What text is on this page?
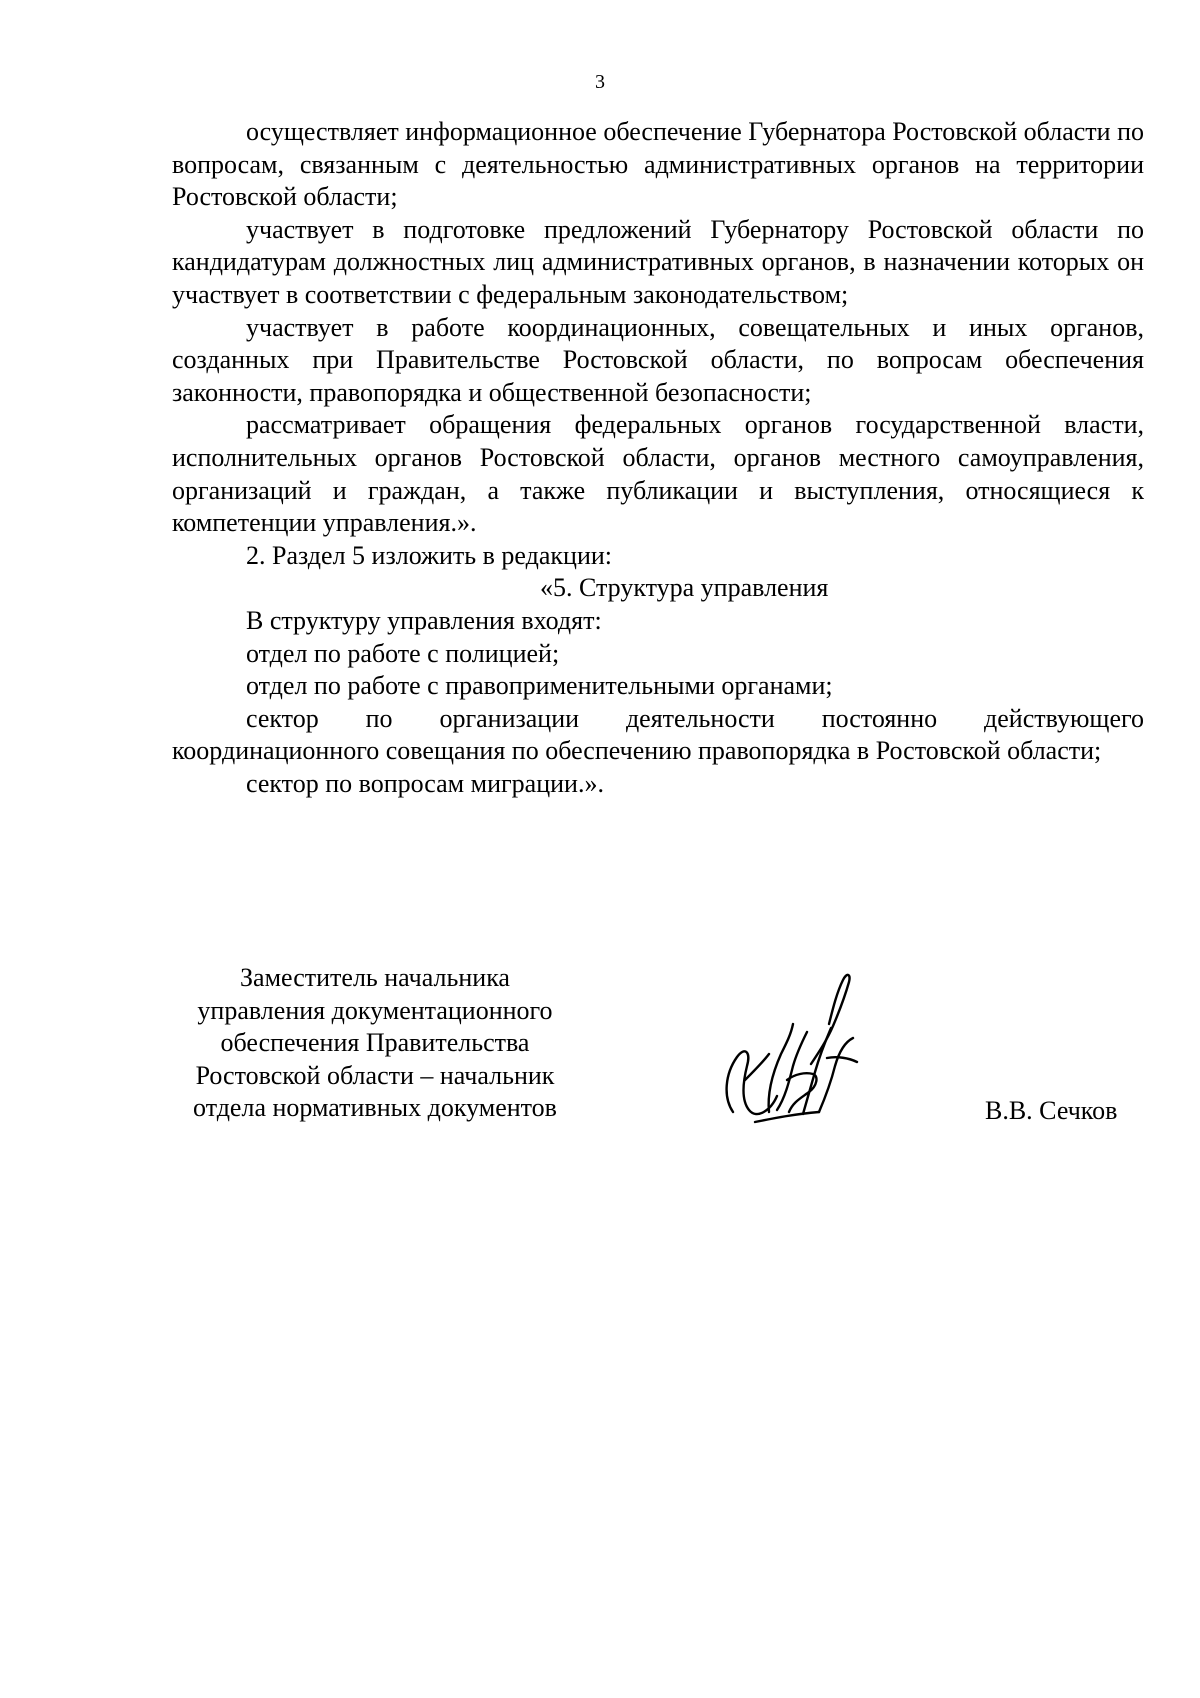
3

осуществляет информационное обеспечение Губернатора Ростовской области по вопросам, связанным с деятельностью административных органов на территории Ростовской области;

участвует в подготовке предложений Губернатору Ростовской области по кандидатурам должностных лиц административных органов, в назначении которых он участвует в соответствии с федеральным законодательством;

участвует в работе координационных, совещательных и иных органов, созданных при Правительстве Ростовской области, по вопросам обеспечения законности, правопорядка и общественной безопасности;

рассматривает обращения федеральных органов государственной власти, исполнительных органов Ростовской области, органов местного самоуправления, организаций и граждан, а также публикации и выступления, относящиеся к компетенции управления.».

2. Раздел 5 изложить в редакции:

«5. Структура управления

В структуру управления входят:

отдел по работе с полицией;

отдел по работе с правоприменительными органами;

сектор по организации деятельности постоянно действующего координационного совещания по обеспечению правопорядка в Ростовской области;

сектор по вопросам миграции.».

Заместитель начальника
управления документационного
обеспечения Правительства
Ростовской области – начальник
отдела нормативных документов	В.В. Сечков
